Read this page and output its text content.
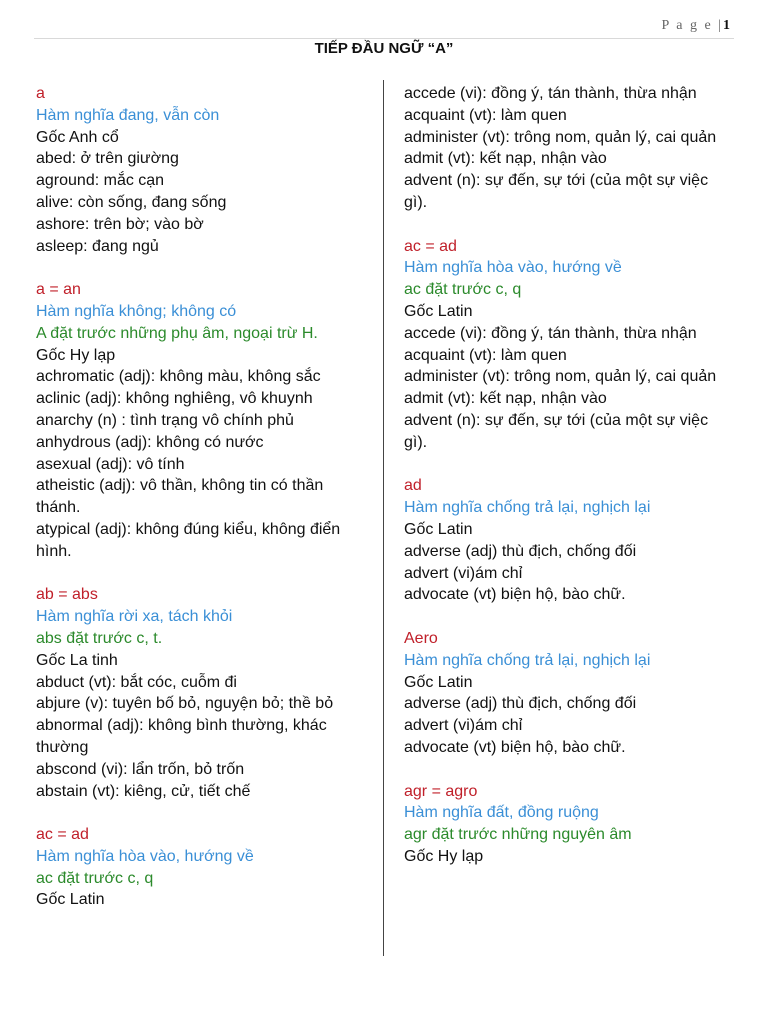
P a g e |1
TIẾP ĐẦU NGỮ “A”
a
Hàm nghĩa đang, vẫn còn
Gốc Anh cổ
abed: ở trên giường
aground: mắc cạn
alive: còn sống, đang sống
ashore: trên bờ; vào bờ
asleep: đang ngủ
a = an
Hàm nghĩa không; không có
A đặt trước những phụ âm, ngoại trừ H.
Gốc Hy lạp
achromatic (adj): không màu, không sắc
aclinic (adj): không nghiêng, vô khuynh
anarchy (n) : tình trạng vô chính phủ
anhydrous (adj): không có nước
asexual (adj): vô tính
atheistic (adj): vô thần, không tin có thần thánh.
atypical (adj): không đúng kiểu, không điển hình.
ab = abs
Hàm nghĩa rời xa, tách khỏi
abs đặt trước c, t.
Gốc La tinh
abduct (vt): bắt cóc, cuỗm đi
abjure (v): tuyên bố bỏ, nguyện bỏ; thề bỏ
abnormal (adj): không bình thường, khác thường
abscond (vi): lẩn trốn, bỏ trốn
abstain (vt): kiêng, cử, tiết chế
ac = ad
Hàm nghĩa hòa vào, hướng về
ac đặt trước c, q
Gốc Latin
accede (vi): đồng ý, tán thành, thừa nhận
acquaint (vt): làm quen
administer (vt): trông nom, quản lý, cai quản
admit (vt): kết nạp, nhận vào
advent (n): sự đến, sự tới (của một sự việc gì).
ac = ad
Hàm nghĩa hòa vào, hướng về
ac đặt trước c, q
Gốc Latin
accede (vi): đồng ý, tán thành, thừa nhận
acquaint (vt): làm quen
administer (vt): trông nom, quản lý, cai quản
admit (vt): kết nạp, nhận vào
advent (n): sự đến, sự tới (của một sự việc gì).
ad
Hàm nghĩa chống trả lại, nghịch lại
Gốc Latin
adverse (adj) thù địch, chống đối
advert (vi)ám chỉ
advocate (vt) biện hộ, bào chữ.
Aero
Hàm nghĩa chống trả lại, nghịch lại
Gốc Latin
adverse (adj) thù địch, chống đối
advert (vi)ám chỉ
advocate (vt) biện hộ, bào chữ.
agr = agro
Hàm nghĩa đất, đồng ruộng
agr đặt trước những nguyên âm
Gốc Hy lạp
